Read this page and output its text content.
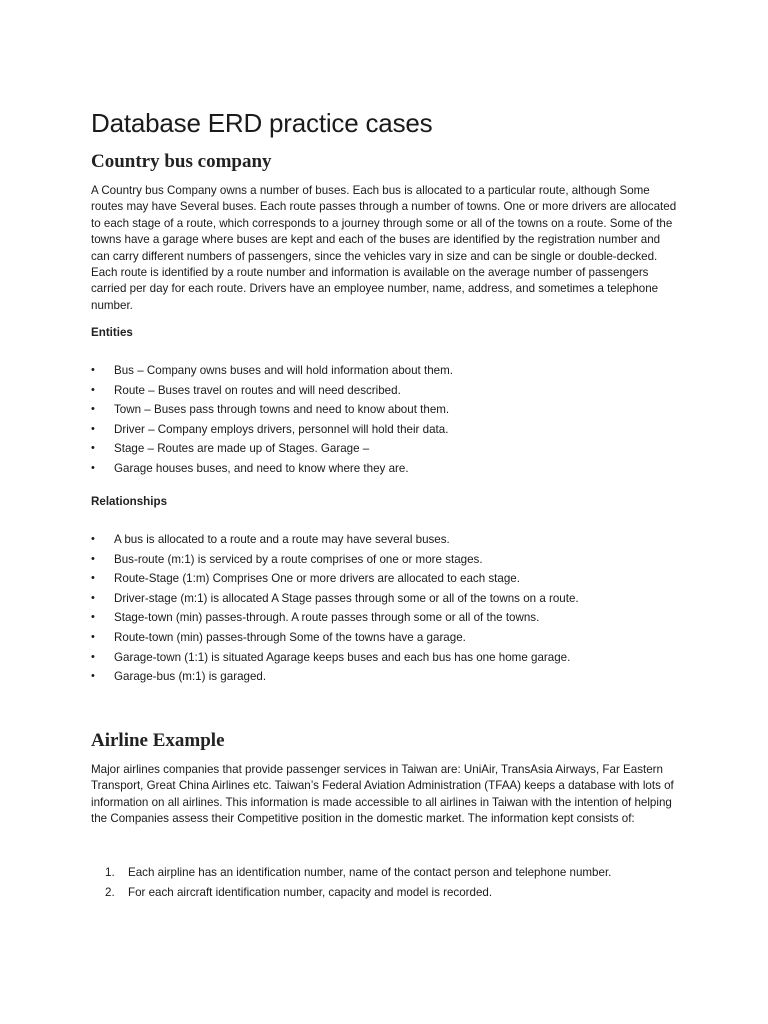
Database ERD practice cases
Country bus company

A Country bus Company owns a number of buses. Each bus is allocated to a particular route, although Some routes may have Several buses. Each route passes through a number of towns. One or more drivers are allocated to each stage of a route, which corresponds to a journey through some or all of the towns on a route. Some of the towns have a garage where buses are kept and each of the buses are identified by the registration number and can carry different numbers of passengers, since the vehicles vary in size and can be single or double-decked. Each route is identified by a route number and information is available on the average number of passengers carried per day for each route. Drivers have an employee number, name, address, and sometimes a telephone number.

Entities

• Bus – Company owns buses and will hold information about them.
• Route – Buses travel on routes and will need described.
• Town – Buses pass through towns and need to know about them.
• Driver – Company employs drivers, personnel will hold their data.
• Stage – Routes are made up of Stages. Garage –
• Garage houses buses, and need to know where they are.

Relationships

• A bus is allocated to a route and a route may have several buses.
• Bus-route (m:1) is serviced by a route comprises of one or more stages.
• Route-Stage (1:m) Comprises One or more drivers are allocated to each stage.
• Driver-stage (m:1) is allocated A Stage passes through some or all of the towns on a route.
• Stage-town (min) passes-through. A route passes through some or all of the towns.
• Route-town (min) passes-through Some of the towns have a garage.
• Garage-town (1:1) is situated Agarage keeps buses and each bus has one home garage.
• Garage-bus (m:1) is garaged.
Airline Example

Major airlines companies that provide passenger services in Taiwan are: UniAir, TransAsia Airways, Far Eastern Transport, Great China Airlines etc. Taiwan’s Federal Aviation Administration (TFAA) keeps a database with lots of information on all airlines. This information is made accessible to all airlines in Taiwan with the intention of helping the Companies assess their Competitive position in the domestic market. The information kept consists of:

1. Each airpline has an identification number, name of the contact person and telephone number.
2. For each aircraft identification number, capacity and model is recorded.
